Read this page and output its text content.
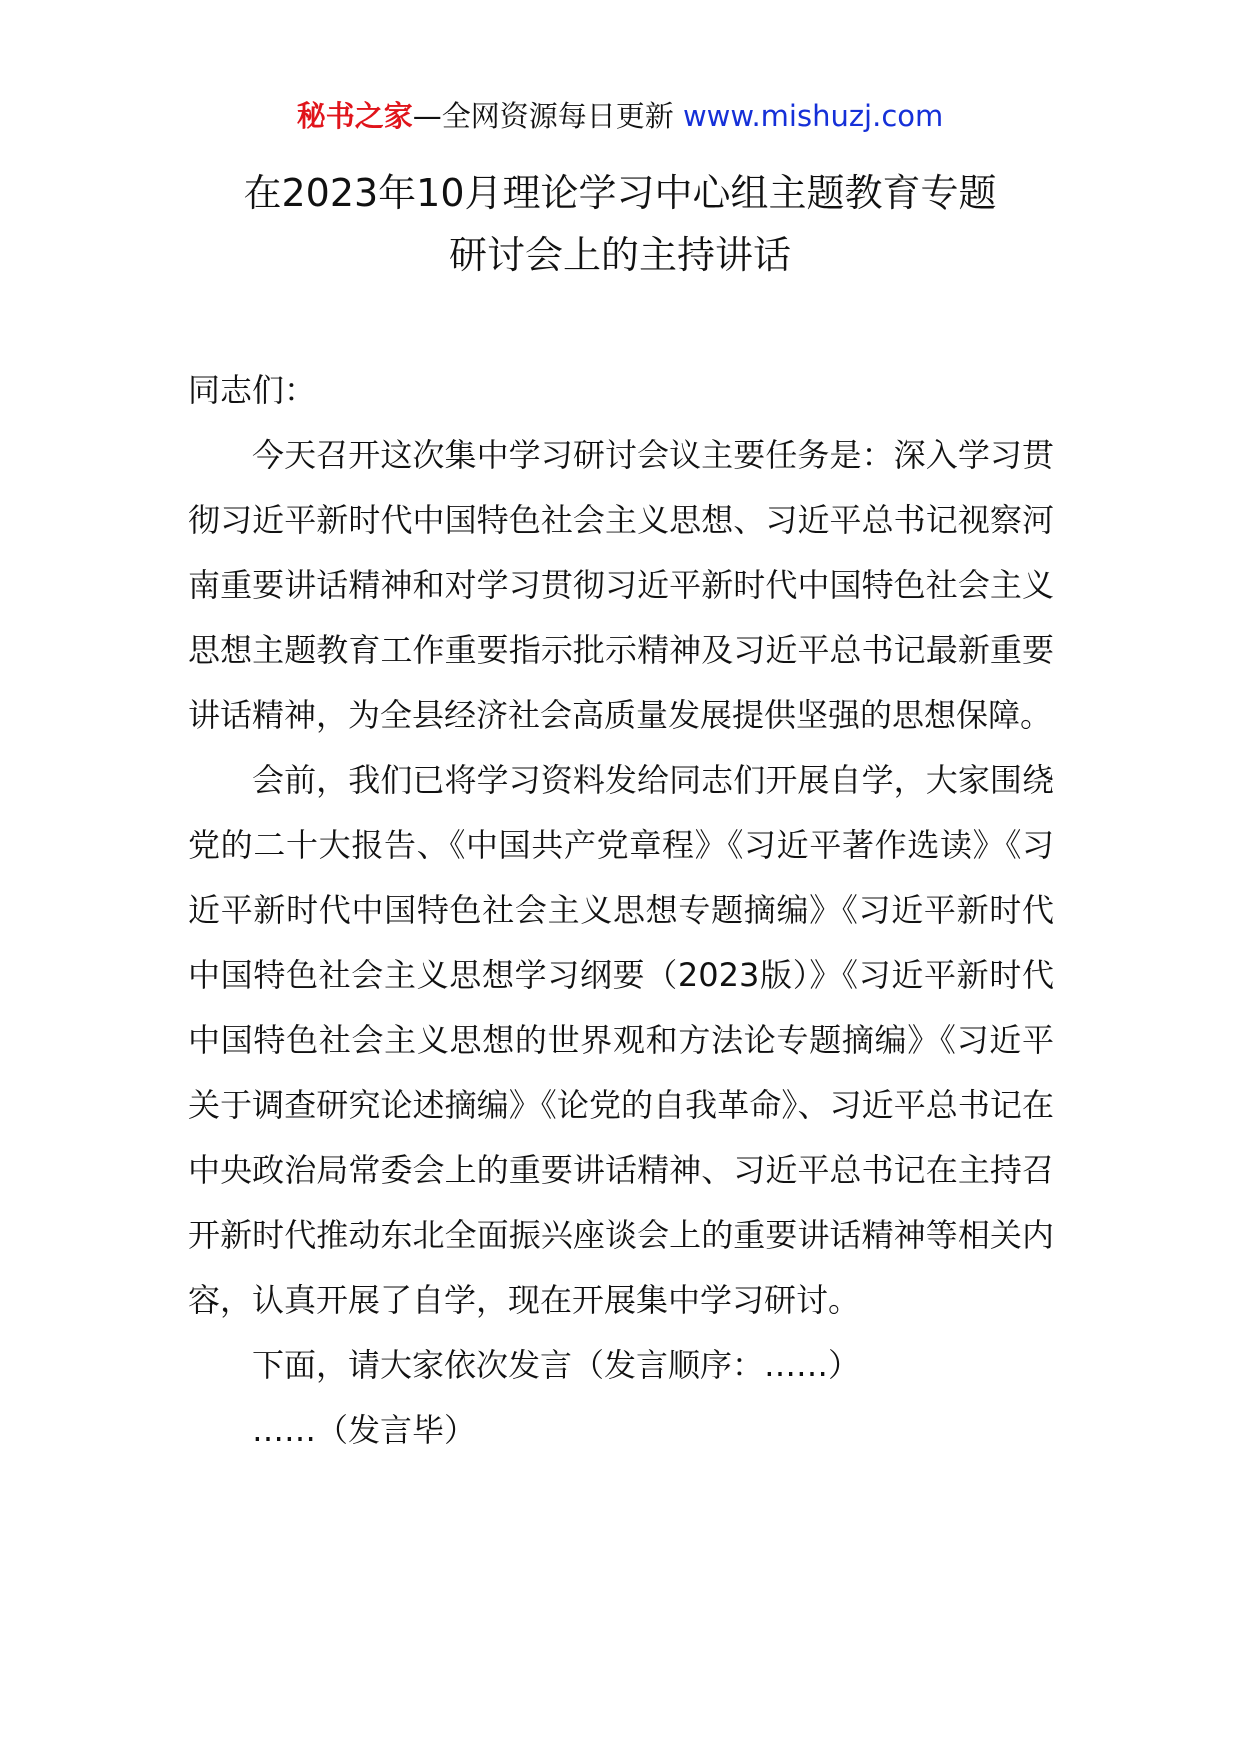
秘书之家—全网资源每日更新 www.mishuzj.com
在2023年10月理论学习中心组主题教育专题
研讨会上的主持讲话

同志们：

今天召开这次集中学习研讨会议主要任务是：深入学习贯彻习近平新时代中国特色社会主义思想、习近平总书记视察河南重要讲话精神和对学习贯彻习近平新时代中国特色社会主义思想主题教育工作重要指示批示精神及习近平总书记最新重要讲话精神，为全县经济社会高质量发展提供坚强的思想保障。

会前，我们已将学习资料发给同志们开展自学，大家围绕党的二十大报告、《中国共产党章程》《习近平著作选读》《习近平新时代中国特色社会主义思想专题摘编》《习近平新时代中国特色社会主义思想学习纲要（2023版）》《习近平新时代中国特色社会主义思想的世界观和方法论专题摘编》《习近平关于调查研究论述摘编》《论党的自我革命》、习近平总书记在中央政治局常委会上的重要讲话精神、习近平总书记在主持召开新时代推动东北全面振兴座谈会上的重要讲话精神等相关内容，认真开展了自学，现在开展集中学习研讨。

下面，请大家依次发言（发言顺序：……）

……（发言毕）
